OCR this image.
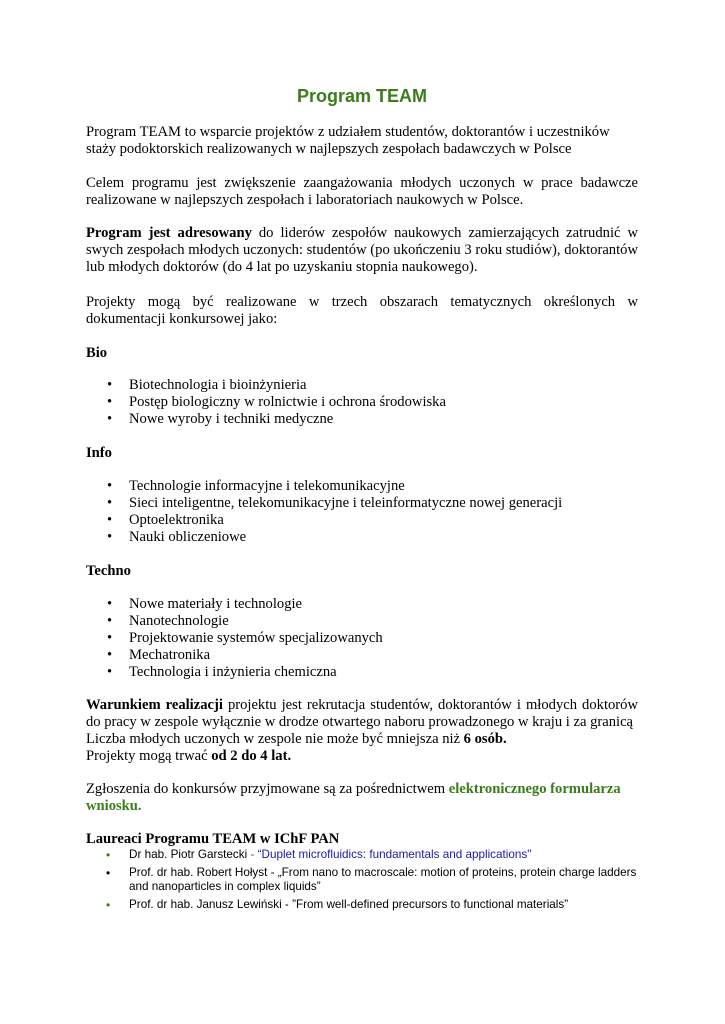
Program TEAM

Program TEAM to wsparcie projektów z udziałem studentów, doktorantów i uczestników staży podoktorskich realizowanych w najlepszych zespołach badawczych w Polsce

Celem programu jest zwiększenie zaangażowania młodych uczonych w prace badawcze realizowane w najlepszych zespołach i laboratoriach naukowych w Polsce.

Program jest adresowany do liderów zespołów naukowych zamierzających zatrudnić w swych zespołach młodych uczonych: studentów (po ukończeniu 3 roku studiów), doktorantów lub młodych doktorów (do 4 lat po uzyskaniu stopnia naukowego).

Projekty mogą być realizowane w trzech obszarach tematycznych określonych w dokumentacji konkursowej jako:

Bio

• Biotechnologia i bioinżynieria
• Postęp biologiczny w rolnictwie i ochrona środowiska
• Nowe wyroby i techniki medyczne

Info

• Technologie informacyjne i telekomunikacyjne
• Sieci inteligentne, telekomunikacyjne i teleinformatyczne nowej generacji
• Optoelektronika
• Nauki obliczeniowe

Techno

• Nowe materiały i technologie
• Nanotechnologie
• Projektowanie systemów specjalizowanych
• Mechatronika
• Technologia i inżynieria chemiczna

Warunkiem realizacji projektu jest rekrutacja studentów, doktorantów i młodych doktorów do pracy w zespole wyłącznie w drodze otwartego naboru prowadzonego w kraju i za granicą

Liczba młodych uczonych w zespole nie może być mniejsza niż 6 osób.

Projekty mogą trwać od 2 do 4 lat.

Zgłoszenia do konkursów przyjmowane są za pośrednictwem elektronicznego formularza wniosku.

Laureaci Programu TEAM w IChF PAN

• Dr hab. Piotr Garstecki - “Duplet microfluidics: fundamentals and applications"
• Prof. dr hab. Robert Hołyst - „From nano to macroscale: motion of proteins, protein charge ladders and nanoparticles in complex liquids”
• Prof. dr hab. Janusz Lewiński - ”From well-defined precursors to functional materials”
